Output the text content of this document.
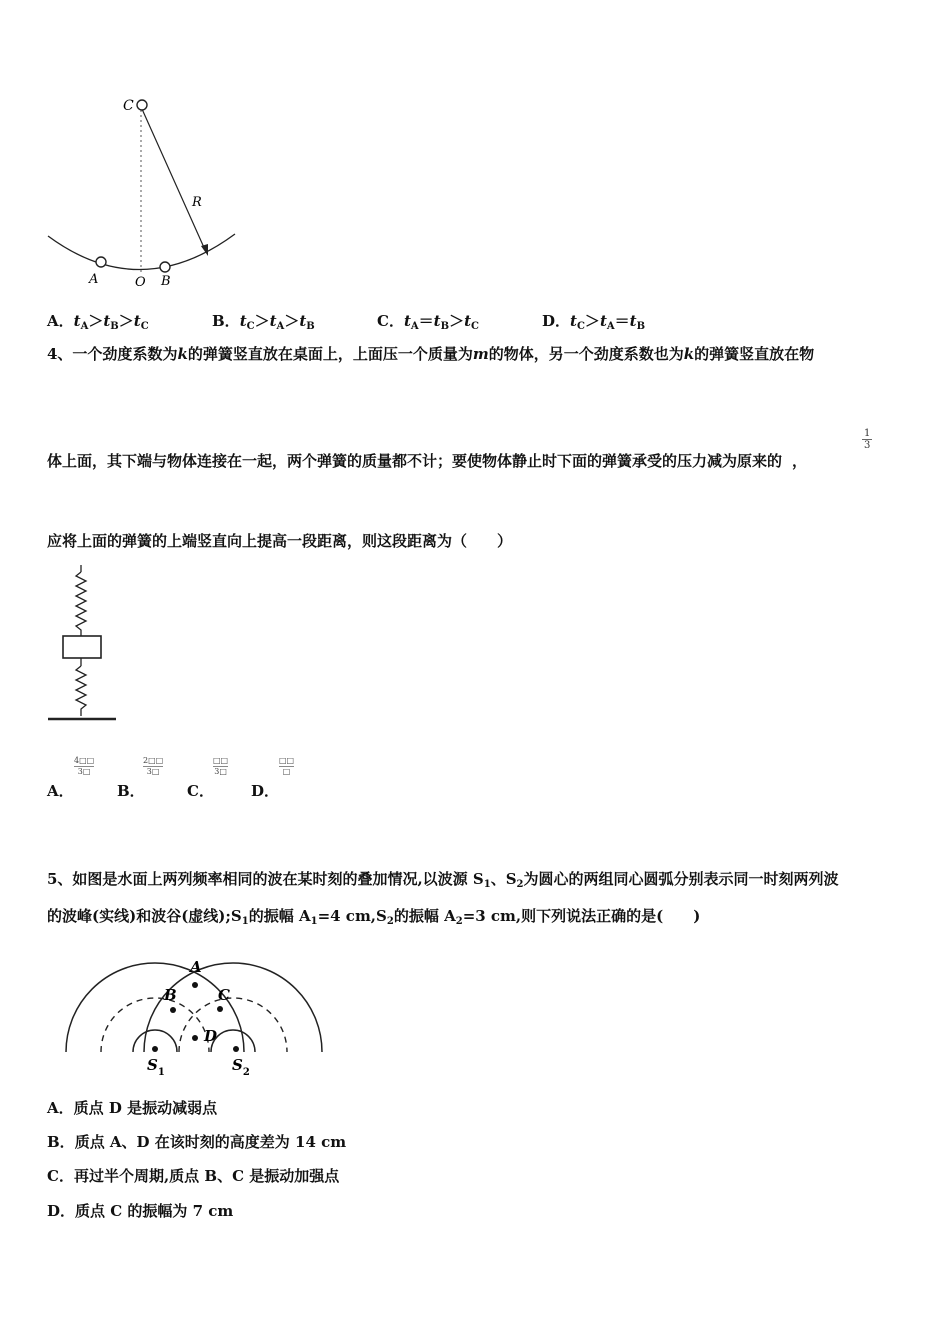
C
R
A	O B
A．$t_A>t_B>t_C$	B．$t_C>t_A>t_B$	C．$t_A=t_B>t_C$	D．$t_C>t_A=t_B$
4、一个劲度系数为k的弹簧竖直放在桌面上，上面压一个质量为m的物体，另一个劲度系数也为k的弹簧竖直放在物
体上面，其下端与物体连接在一起，两个弹簧的质量都不计；要使物体静止时下面的弹簧承受的压力减为原来的 ，
$\frac{1}{3}$
应将上面的弹簧的上端竖直向上提高一段距离，则这段距离为（　　）
A．
$\frac{4□□}{3□}$
B．
$\frac{2□□}{3□}$
C．
□□
3□
D．
□□
□
5、如图是水面上两列频率相同的波在某时刻的叠加情况,以波源 $S_1$、$S_2$为圆心的两组同心圆弧分别表示同一时刻两列波
的波峰(实线)和波谷(虚线)$;S_1$的振幅 $A_1=4$ $cm,S_2$的振幅 $A_2=3$ cm,则下列说法正确的是(　　)
A
B	C
D
$S_1$	$S_2$
A．质点 D 是振动减弱点
B．质点 A、D 在该时刻的高度差为 14 cm
C．再过半个周期,质点 B、C 是振动加强点
D．质点 C 的振幅为 7 cm
